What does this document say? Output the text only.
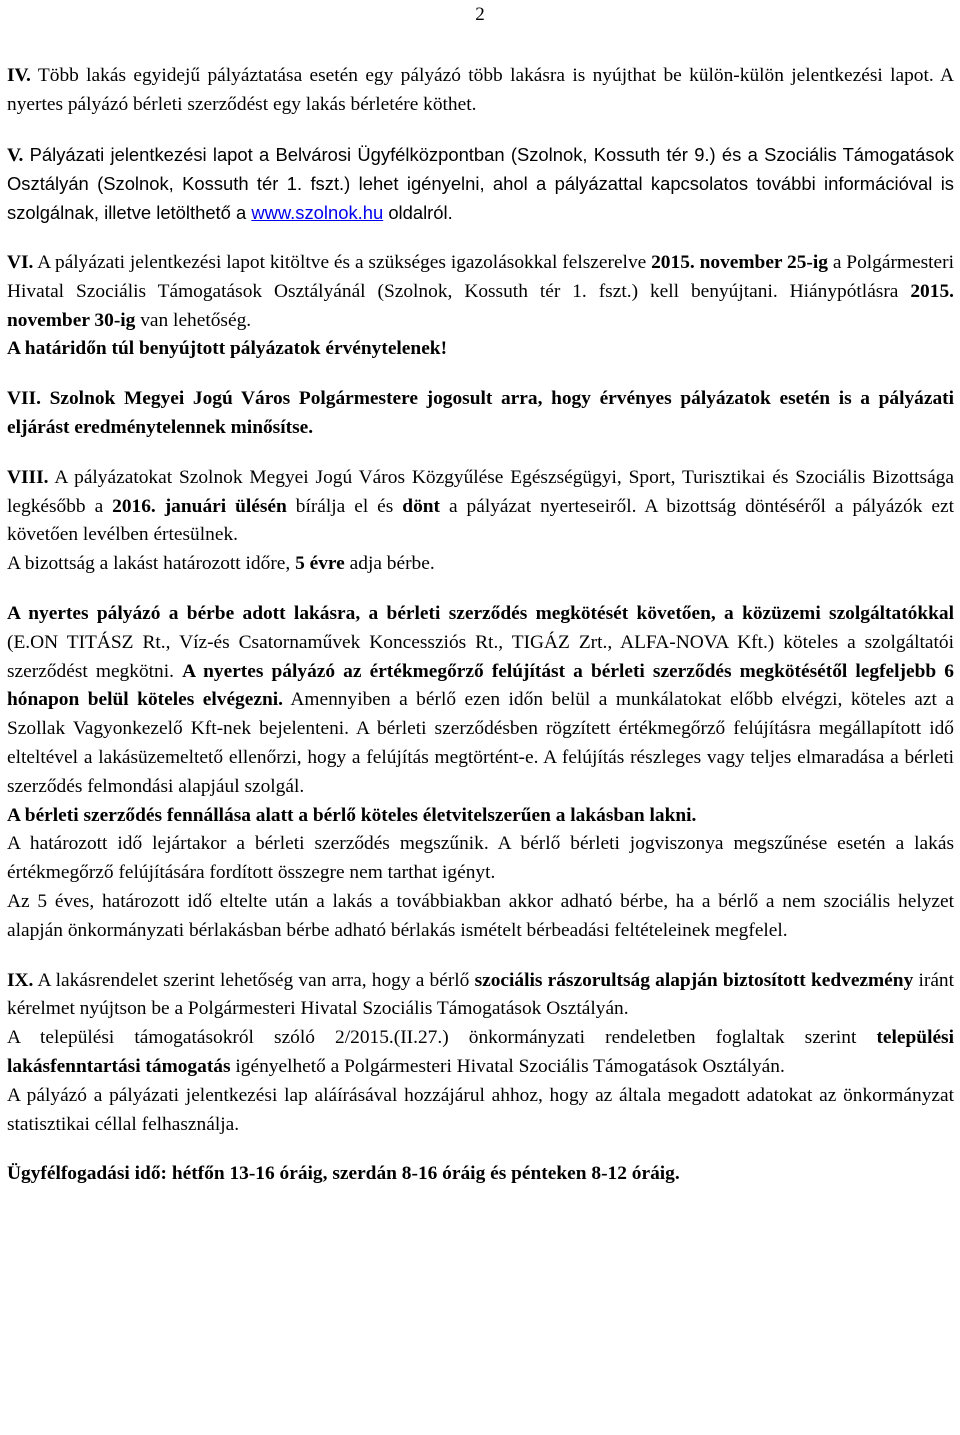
2

IV. Több lakás egyidejű pályáztatása esetén egy pályázó több lakásra is nyújthat be külön-külön jelentkezési lapot. A nyertes pályázó bérleti szerződést egy lakás bérletére köthet.

V. Pályázati jelentkezési lapot a Belvárosi Ügyfélközpontban (Szolnok, Kossuth tér 9.) és a Szociális Támogatások Osztályán (Szolnok, Kossuth tér 1. fszt.) lehet igényelni, ahol a pályázattal kapcsolatos további információval is szolgálnak, illetve letölthető a www.szolnok.hu oldalról.

VI. A pályázati jelentkezési lapot kitöltve és a szükséges igazolásokkal felszerelve 2015. november 25-ig a Polgármesteri Hivatal Szociális Támogatások Osztályánál (Szolnok, Kossuth tér 1. fszt.) kell benyújtani. Hiánypótlásra 2015. november 30-ig van lehetőség.
A határidőn túl benyújtott pályázatok érvénytelenek!

VII. Szolnok Megyei Jogú Város Polgármestere jogosult arra, hogy érvényes pályázatok esetén is a pályázati eljárást eredménytelennek minősítse.

VIII. A pályázatokat Szolnok Megyei Jogú Város Közgyűlése Egészségügyi, Sport, Turisztikai és Szociális Bizottsága legkésőbb a 2016. januári ülésén bírálja el és dönt a pályázat nyerteseiről. A bizottság döntéséről a pályázók ezt követően levélben értesülnek.
A bizottság a lakást határozott időre, 5 évre adja bérbe.

A nyertes pályázó a bérbe adott lakásra, a bérleti szerződés megkötését követően, a közüzemi szolgáltatókkal (E.ON TITÁSZ Rt., Víz-és Csatornaművek Koncessziós Rt., TIGÁZ Zrt., ALFA-NOVA Kft.) köteles a szolgáltatói szerződést megkötni. A nyertes pályázó az értékmegőrző felújítást a bérleti szerződés megkötésétől legfeljebb 6 hónapon belül köteles elvégezni. Amennyiben a bérlő ezen időn belül a munkálatokat előbb elvégzi, köteles azt a Szollak Vagyonkezelő Kft-nek bejelenteni. A bérleti szerződésben rögzített értékmegőrző felújításra megállapított idő elteltével a lakásüzemeltető ellenőrzi, hogy a felújítás megtörtént-e. A felújítás részleges vagy teljes elmaradása a bérleti szerződés felmondási alapjául szolgál.
A bérleti szerződés fennállása alatt a bérlő köteles életvitelszerűen a lakásban lakni.
A határozott idő lejártakor a bérleti szerződés megszűnik. A bérlő bérleti jogviszonya megszűnése esetén a lakás értékmegőrző felújítására fordított összegre nem tarthat igényt.
Az 5 éves, határozott idő eltelte után a lakás a továbbiakban akkor adható bérbe, ha a bérlő a nem szociális helyzet alapján önkormányzati bérlakásban bérbe adható bérlakás ismételt bérbeadási feltételeinek megfelel.

IX. A lakásrendelet szerint lehetőség van arra, hogy a bérlő szociális rászorultság alapján biztosított kedvezmény iránt kérelmet nyújtson be a Polgármesteri Hivatal Szociális Támogatások Osztályán.
A települési támogatásokról szóló 2/2015.(II.27.) önkormányzati rendeletben foglaltak szerint települési lakásfenntartási támogatás igényelhető a Polgármesteri Hivatal Szociális Támogatások Osztályán.
A pályázó a pályázati jelentkezési lap aláírásával hozzájárul ahhoz, hogy az általa megadott adatokat az önkormányzat statisztikai céllal felhasználja.

Ügyfélfogadási idő: hétfőn 13-16 óráig, szerdán 8-16 óráig és pénteken 8-12 óráig.
